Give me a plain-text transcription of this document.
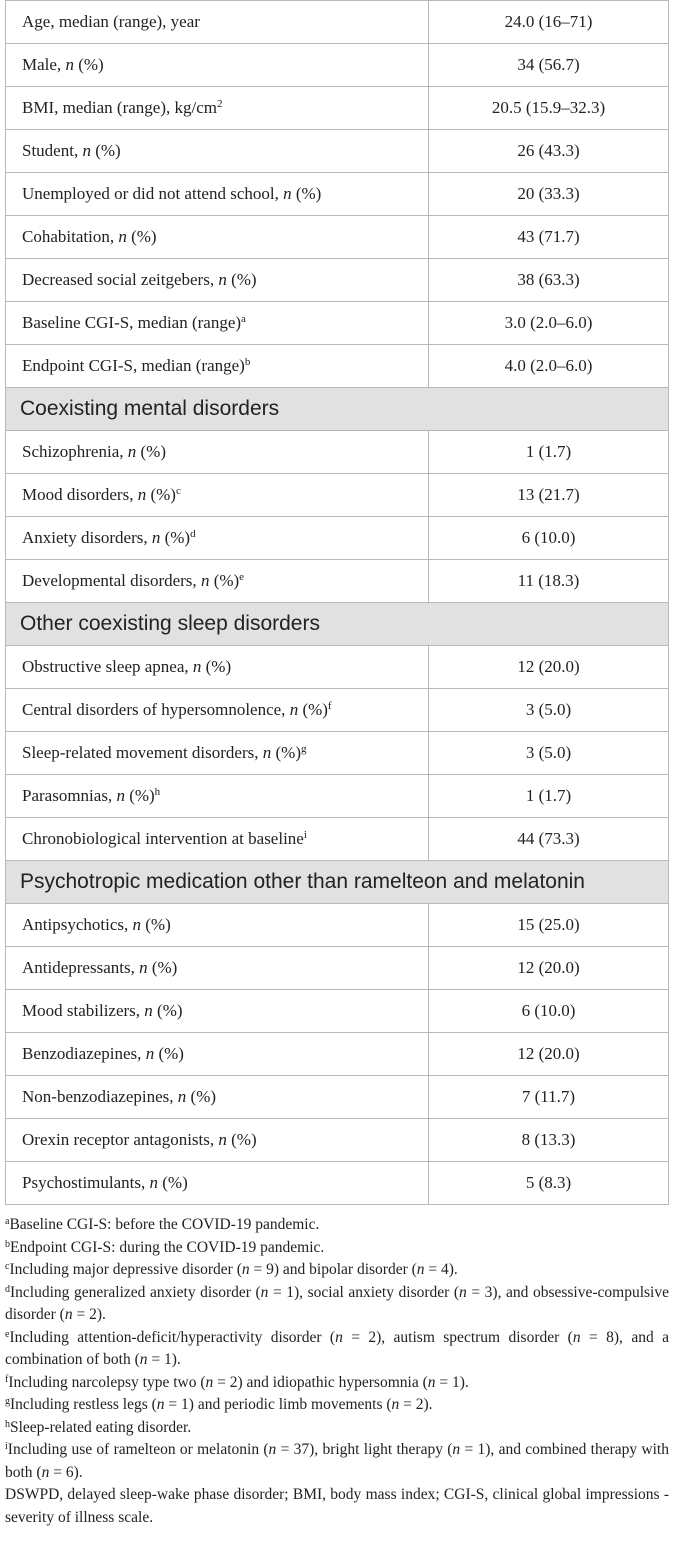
Age, median (range), year	24.0 (16–71)
Male, n (%)	34 (56.7)
BMI, median (range), $kg/cm^2$	20.5 (15.9–32.3)
Student, n (%)	26 (43.3)
Unemployed or did not attend school, n (%)	20 (33.3)
Cohabitation, n (%)	43 (71.7)
Decreased social zeitgebers, n (%)	38 (63.3)
Baseline CGI-S, median (range)$^a$	3.0 (2.0–6.0)
Endpoint CGI-S, median (range)$^b$	4.0 (2.0–6.0)
Coexisting mental disorders	
Schizophrenia, n (%)	1 (1.7)
Mood disorders, n (%)$^c$	13 (21.7)
Anxiety disorders, n (%)$^d$	6 (10.0)
Developmental disorders, n (%)$^e$	11 (18.3)
Other coexisting sleep disorders	
Obstructive sleep apnea, n (%)	12 (20.0)
Central disorders of hypersomnolence, n (%)$^f$	3 (5.0)
Sleep-related movement disorders, n (%)$^g$	3 (5.0)
Parasomnias, n (%)$^h$	1 (1.7)
Chronobiological intervention at baseline$^i$	44 (73.3)
Psychotropic medication other than ramelteon and melatonin	
Antipsychotics, n (%)	15 (25.0)
Antidepressants, n (%)	12 (20.0)
Mood stabilizers, n (%)	6 (10.0)
Benzodiazepines, n (%)	12 (20.0)
Non-benzodiazepines, n (%)	7 (11.7)
Orexin receptor antagonists, n (%)	8 (13.3)
Psychostimulants, n (%)	5 (8.3)

$^a$Baseline CGI-S: before the COVID-19 pandemic.

$^b$Endpoint CGI-S: during the COVID-19 pandemic.

$^c$Including major depressive disorder (n = 9) and bipolar disorder (n = 4).

$^d$Including generalized anxiety disorder (n = 1), social anxiety disorder (n = 3), and obsessive-compulsive disorder (n = 2).

$^e$Including attention-deficit/hyperactivity disorder (n = 2), autism spectrum disorder (n = 8), and a combination of both (n = 1).

$^f$Including narcolepsy type two (n = 2) and idiopathic hypersomnia (n = 1).

$^g$Including restless legs (n = 1) and periodic limb movements (n = 2).

$^h$Sleep-related eating disorder.

$^i$Including use of ramelteon or melatonin (n = 37), bright light therapy (n = 1), and combined therapy with both (n = 6).

DSWPD, delayed sleep-wake phase disorder; BMI, body mass index; CGI-S, clinical global impressions - severity of illness scale.
